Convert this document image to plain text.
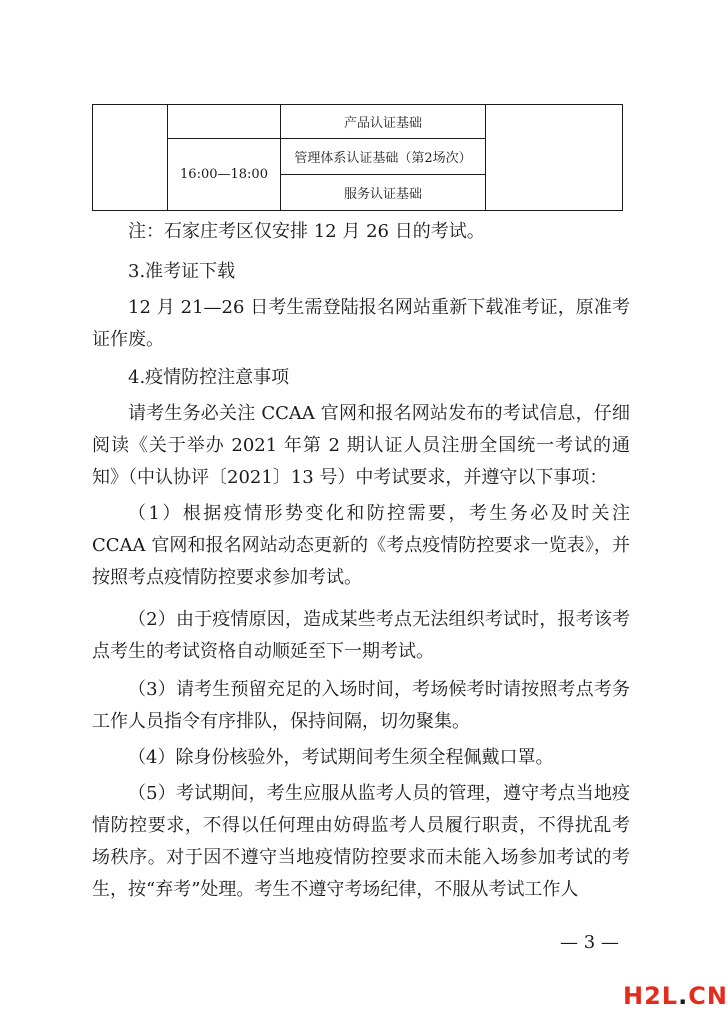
		产品认证基础	
	16:00—18:00	管理体系认证基础（第2场次）	
		服务认证基础	

注：石家庄考区仅安排 12 月 26 日的考试。

3.准考证下载

12 月 21—26 日考生需登陆报名网站重新下载准考证，原准考证作废。

4.疫情防控注意事项

请考生务必关注 CCAA 官网和报名网站发布的考试信息，仔细阅读《关于举办 2021 年第 2 期认证人员注册全国统一考试的通知》（中认协评〔2021〕13 号）中考试要求，并遵守以下事项：

（1）根据疫情形势变化和防控需要，考生务必及时关注 CCAA 官网和报名网站动态更新的《考点疫情防控要求一览表》，并按照考点疫情防控要求参加考试。

（2）由于疫情原因，造成某些考点无法组织考试时，报考该考点考生的考试资格自动顺延至下一期考试。

（3）请考生预留充足的入场时间，考场候考时请按照考点考务工作人员指令有序排队，保持间隔，切勿聚集。

（4）除身份核验外，考试期间考生须全程佩戴口罩。

（5）考试期间，考生应服从监考人员的管理，遵守考点当地疫情防控要求，不得以任何理由妨碍监考人员履行职责，不得扰乱考场秩序。对于因不遵守当地疫情防控要求而未能入场参加考试的考生，按“弃考”处理。考生不遵守考场纪律，不服从考试工作人

— 3 —
H2L.CN
